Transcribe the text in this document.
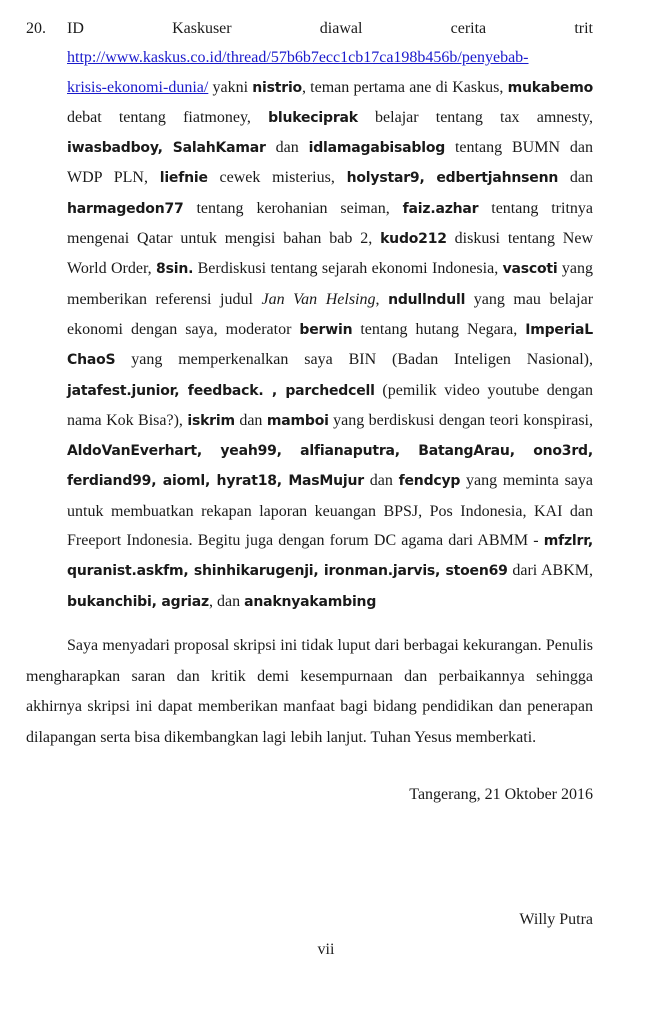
20. ID	Kaskuser	diawal	cerita	trit
http://www.kaskus.co.id/thread/57b6b7ecc1cb17ca198b456b/penyebab-
krisis-ekonomi-dunia/ yakni nistrio, teman pertama ane di Kaskus, mukabemo debat tentang fiatmoney, blukeciprak belajar tentang tax amnesty, iwasbadboy, SalahKamar dan idlamagabisablog tentang BUMN dan WDP PLN, liefnie cewek misterius, holystar9, edbertjahnsenn dan harmagedon77 tentang kerohanian seiman, faiz.azhar tentang tritnya mengenai Qatar untuk mengisi bahan bab 2, kudo212 diskusi tentang New World Order, 8sin. Berdiskusi tentang sejarah ekonomi Indonesia, vascoti yang memberikan referensi judul Jan Van Helsing, ndullndull yang mau belajar ekonomi dengan saya, moderator berwin tentang hutang Negara, ImperiaL ChaoS yang memperkenalkan saya BIN (Badan Inteligen Nasional), jatafest.junior, feedback. , parchedcell (pemilik video youtube dengan nama Kok Bisa?), iskrim dan mamboi yang berdiskusi dengan teori konspirasi, AldoVanEverhart, yeah99, alfianaputra, BatangArau, ono3rd, ferdiand99, aioml, hyrat18, MasMujur dan fendcyp yang meminta saya untuk membuatkan rekapan laporan keuangan BPSJ, Pos Indonesia, KAI dan Freeport Indonesia. Begitu juga dengan forum DC agama dari ABMM - mfzlrr, quranist.askfm, shinhikarugenji, ironman.jarvis, stoen69 dari ABKM, bukanchibi, agriaz, dan anaknyakambing

Saya menyadari proposal skripsi ini tidak luput dari berbagai kekurangan. Penulis mengharapkan saran dan kritik demi kesempurnaan dan perbaikannya sehingga akhirnya skripsi ini dapat memberikan manfaat bagi bidang pendidikan dan penerapan dilapangan serta bisa dikembangkan lagi lebih lanjut. Tuhan Yesus memberkati.

Tangerang, 21 Oktober 2016
Willy Putra
vii
